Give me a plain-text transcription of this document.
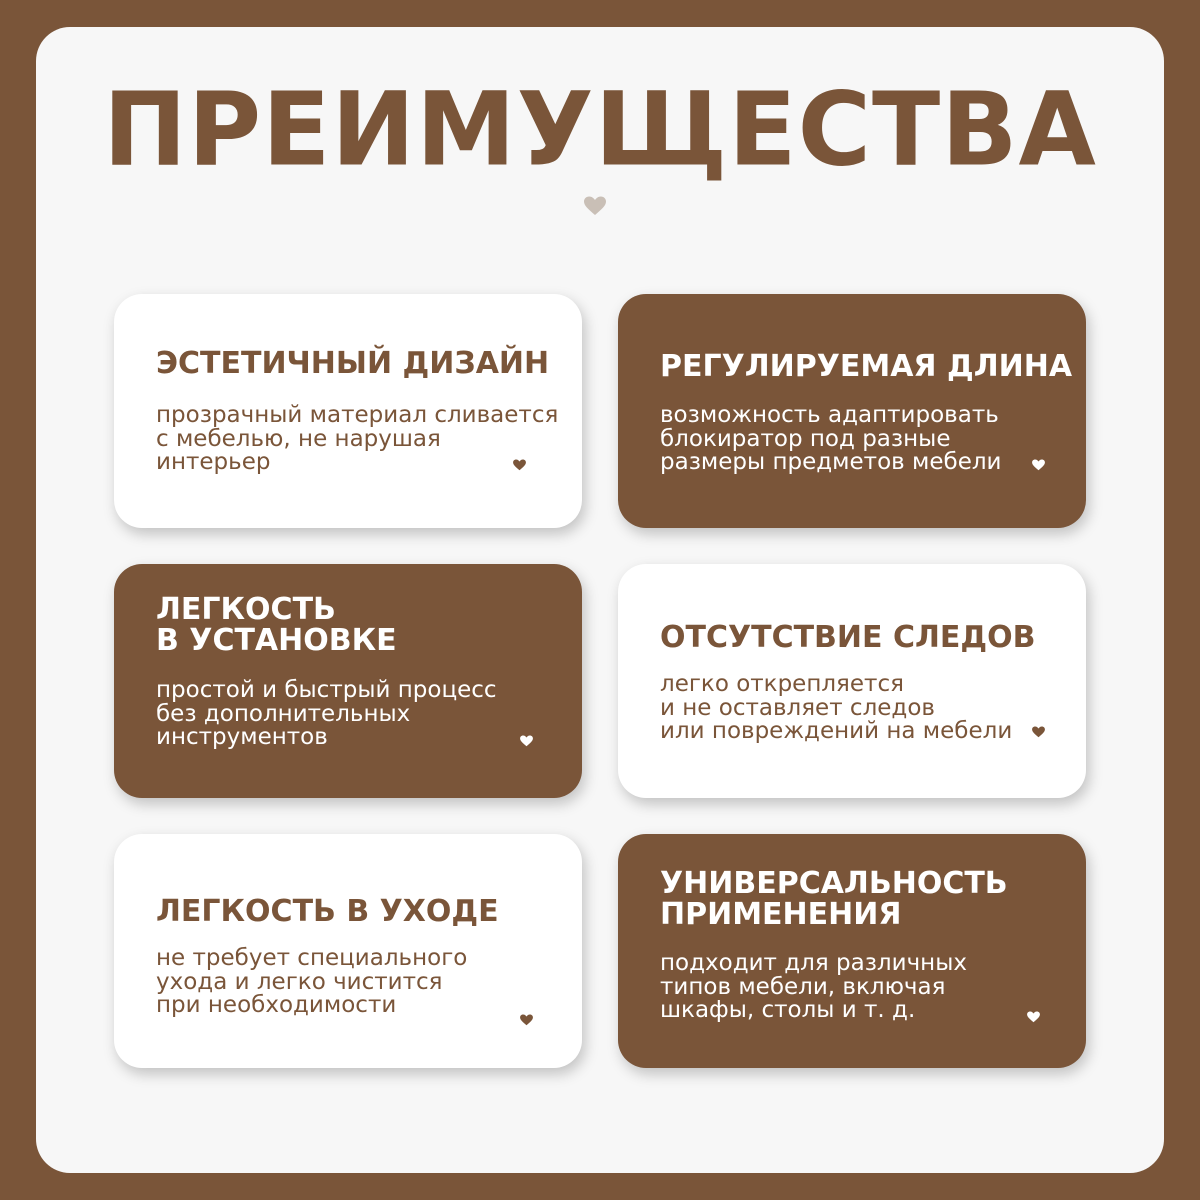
ПРЕИМУЩЕСТВА
ЭСТЕТИЧНЫЙ ДИЗАЙН

прозрачный материал сливается
с мебелью, не нарушая
интерьер

РЕГУЛИРУЕМАЯ ДЛИНА

возможность адаптировать
блокиратор под разные
размеры предметов мебели

ЛЕГКОСТЬ
В УСТАНОВКЕ

простой и быстрый процесс
без дополнительных
инструментов

ОТСУТСТВИЕ СЛЕДОВ

легко открепляется
и не оставляет следов
или повреждений на мебели

ЛЕГКОСТЬ В УХОДЕ

не требует специального
ухода и легко чистится
при необходимости

УНИВЕРСАЛЬНОСТЬ
ПРИМЕНЕНИЯ

подходит для различных
типов мебели, включая
шкафы, столы и т. д.
